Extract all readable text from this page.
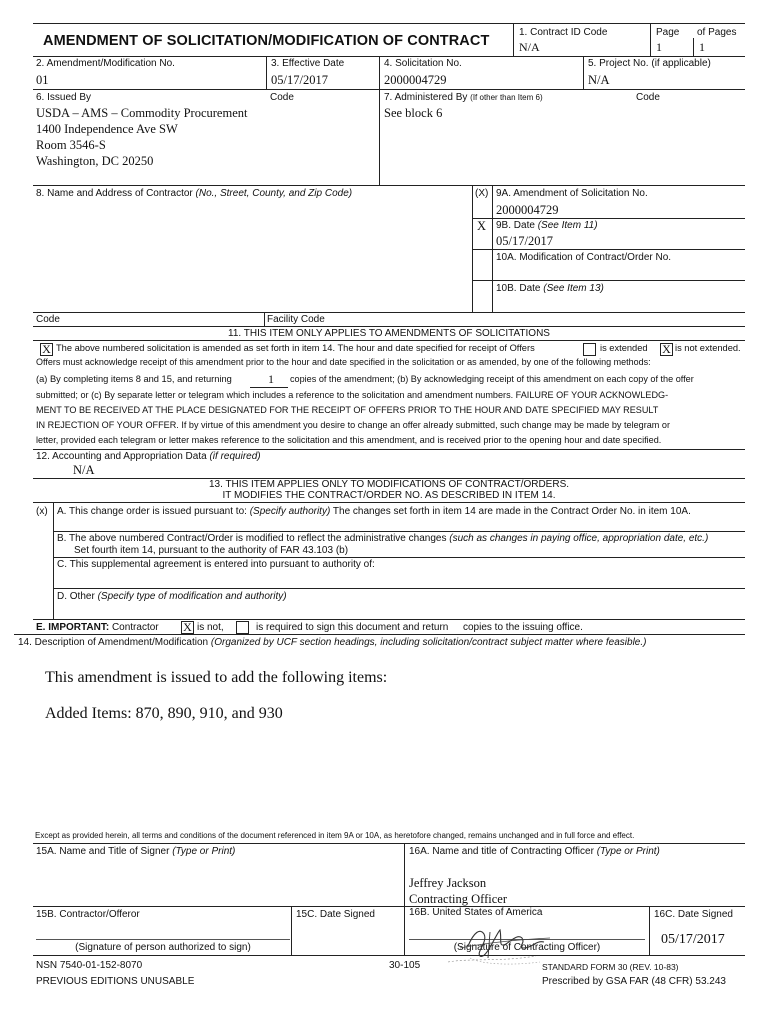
AMENDMENT OF SOLICITATION/MODIFICATION OF CONTRACT
1. Contract ID Code
N/A
Page
1
of Pages
1
2. Amendment/Modification No.
01
3. Effective Date
05/17/2017
4. Solicitation No.
2000004729
5. Project No. (if applicable)
N/A
6. Issued By	Code
USDA – AMS – Commodity Procurement
1400 Independence Ave SW
Room 3546-S
Washington, DC 20250
7. Administered By (If other than Item 6)	Code
See block 6
8. Name and Address of Contractor (No., Street, County, and Zip Code)	(X) 9A. Amendment of Solicitation No.
2000004729
X 9B. Date (See Item 11)
05/17/2017
10A. Modification of Contract/Order No.
10B. Date (See Item 13)
Code	Facility Code
11. THIS ITEM ONLY APPLIES TO AMENDMENTS OF SOLICITATIONS
X The above numbered solicitation is amended as set forth in item 14. The hour and date specified for receipt of Offers	is extended X is not extended.
Offers must acknowledge receipt of this amendment prior to the hour and date specified in the solicitation or as amended, by one of the following methods:
(a) By completing items 8 and 15, and returning	1 copies of the amendment; (b) By acknowledging receipt of this amendment on each copy of the offer
submitted; or (c) By separate letter or telegram which includes a reference to the solicitation and amendment numbers. FAILURE OF YOUR ACKNOWLEDG-
MENT TO BE RECEIVED AT THE PLACE DESIGNATED FOR THE RECEIPT OF OFFERS PRIOR TO THE HOUR AND DATE SPECIFIED MAY RESULT
IN REJECTION OF YOUR OFFER. If by virtue of this amendment you desire to change an offer already submitted, such change may be made by telegram or
letter, provided each telegram or letter makes reference to the solicitation and this amendment, and is received prior to the opening hour and date specified.
12. Accounting and Appropriation Data (if required)
N/A
13. THIS ITEM APPLIES ONLY TO MODIFICATIONS OF CONTRACT/ORDERS.
IT MODIFIES THE CONTRACT/ORDER NO. AS DESCRIBED IN ITEM 14.
(x) A. This change order is issued pursuant to: (Specify authority) The changes set forth in item 14 are made in the Contract Order No. in item 10A.
B. The above numbered Contract/Order is modified to reflect the administrative changes (such as changes in paying office, appropriation date, etc.)
Set fourth item 14, pursuant to the authority of FAR 43.103 (b)
C. This supplemental agreement is entered into pursuant to authority of:
D. Other (Specify type of modification and authority)
E. IMPORTANT: Contractor X is not,	is required to sign this document and return copies to the issuing office.
14. Description of Amendment/Modification (Organized by UCF section headings, including solicitation/contract subject matter where feasible.)
This amendment is issued to add the following items:
Added Items: 870, 890, 910, and 930
Except as provided herein, all terms and conditions of the document referenced in item 9A or 10A, as heretofore changed, remains unchanged and in full force and effect.
15A. Name and Title of Signer (Type or Print)	16A. Name and title of Contracting Officer (Type or Print)
Jeffrey Jackson
Contracting Officer
15B. Contractor/Offeror	15C. Date Signed	16B. United States of America	16C. Date Signed
05/17/2017
(Signature of person authorized to sign)	(Signature of Contracting Officer)
NSN 7540-01-152-8070
PREVIOUS EDITIONS UNUSABLE
30-105	STANDARD FORM 30 (REV. 10-83)
Prescribed by GSA FAR (48 CFR) 53.243
